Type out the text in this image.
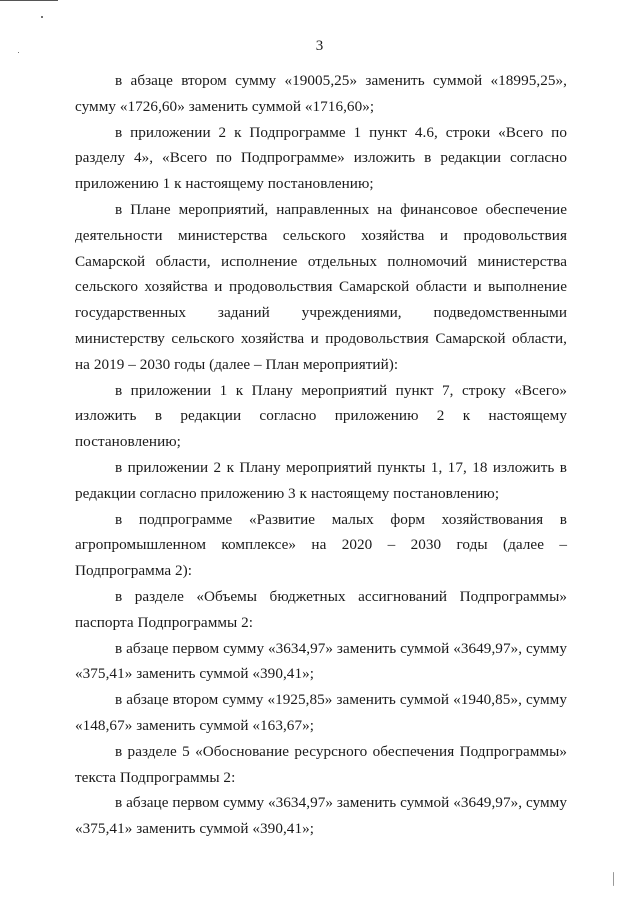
3

в абзаце втором сумму «19005,25» заменить суммой «18995,25», сумму «1726,60» заменить суммой «1716,60»;

в приложении 2 к Подпрограмме 1 пункт 4.6, строки «Всего по разделу 4», «Всего по Подпрограмме» изложить в редакции согласно приложению 1 к настоящему постановлению;

в Плане мероприятий, направленных на финансовое обеспечение деятельности министерства сельского хозяйства и продовольствия Самарской области, исполнение отдельных полномочий министерства сельского хозяйства и продовольствия Самарской области и выполнение государственных заданий учреждениями, подведомственными министерству сельского хозяйства и продовольствия Самарской области, на 2019 – 2030 годы (далее – План мероприятий):

в приложении 1 к Плану мероприятий пункт 7, строку «Всего» изложить в редакции согласно приложению 2 к настоящему постановлению;

в приложении 2 к Плану мероприятий пункты 1, 17, 18 изложить в редакции согласно приложению 3 к настоящему постановлению;

в подпрограмме «Развитие малых форм хозяйствования в агропромышленном комплексе» на 2020 – 2030 годы (далее – Подпрограмма 2):

в разделе «Объемы бюджетных ассигнований Подпрограммы» паспорта Подпрограммы 2:

в абзаце первом сумму «3634,97» заменить суммой «3649,97», сумму «375,41» заменить суммой «390,41»;

в абзаце втором сумму «1925,85» заменить суммой «1940,85», сумму «148,67» заменить суммой «163,67»;

в разделе 5 «Обоснование ресурсного обеспечения Подпрограммы» текста Подпрограммы 2:

в абзаце первом сумму «3634,97» заменить суммой «3649,97», сумму «375,41» заменить суммой «390,41»;
